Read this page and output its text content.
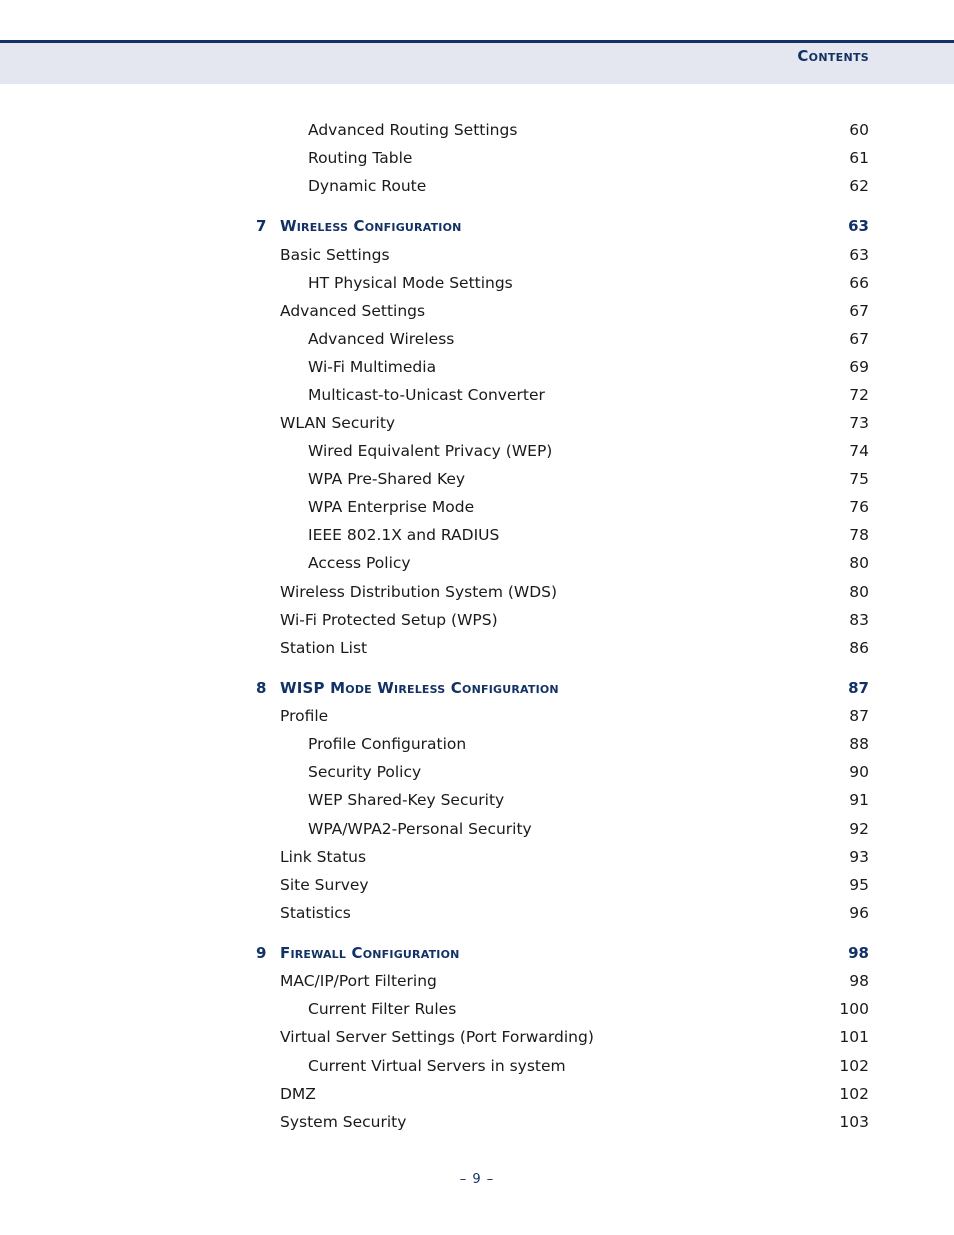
Contents
Advanced Routing Settings	60
Routing Table	61
Dynamic Route	62
7 Wireless Configuration	63
Basic Settings	63
HT Physical Mode Settings	66
Advanced Settings	67
Advanced Wireless	67
Wi-Fi Multimedia	69
Multicast-to-Unicast Converter	72
WLAN Security	73
Wired Equivalent Privacy (WEP)	74
WPA Pre-Shared Key	75
WPA Enterprise Mode	76
IEEE 802.1X and RADIUS	78
Access Policy	80
Wireless Distribution System (WDS)	80
Wi-Fi Protected Setup (WPS)	83
Station List	86
8 WISP Mode Wireless Configuration	87
Profile	87
Profile Configuration	88
Security Policy	90
WEP Shared-Key Security	91
WPA/WPA2-Personal Security	92
Link Status	93
Site Survey	95
Statistics	96
9 Firewall Configuration	98
MAC/IP/Port Filtering	98
Current Filter Rules	100
Virtual Server Settings (Port Forwarding)	101
Current Virtual Servers in system	102
DMZ	102
System Security	103
– 9 –
